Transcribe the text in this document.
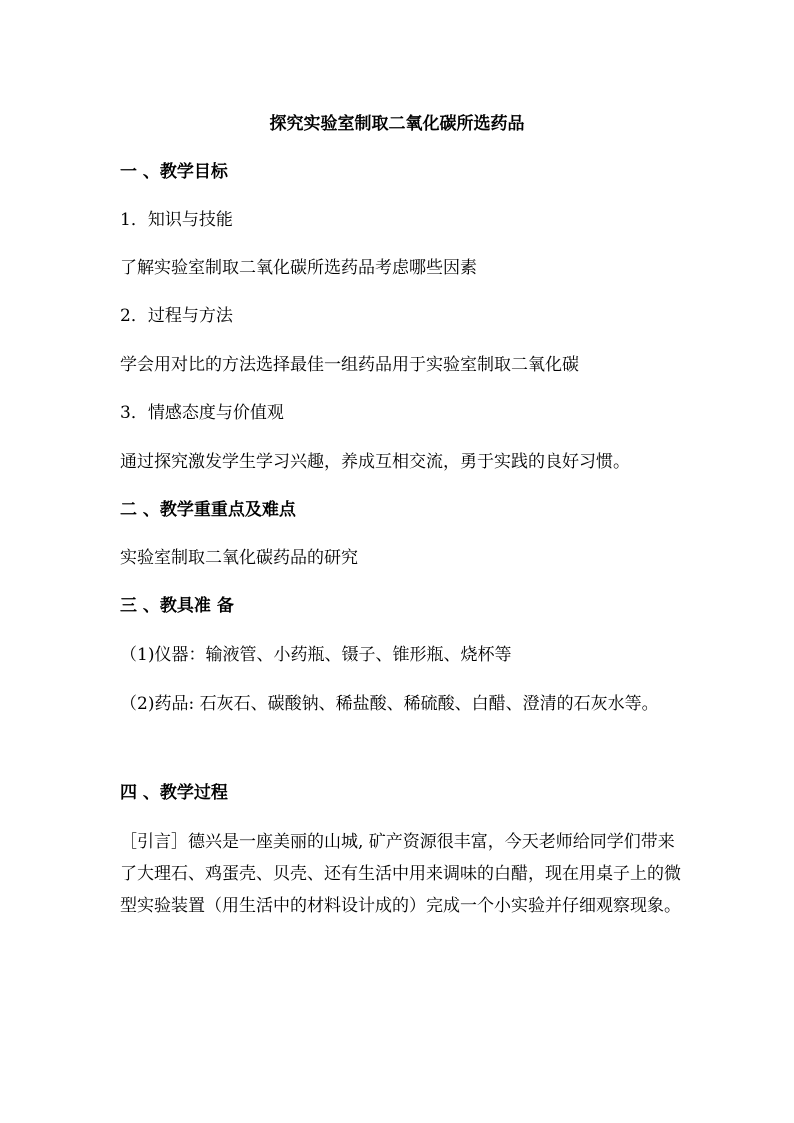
探究实验室制取二氧化碳所选药品
一 、教学目标
1．知识与技能
了解实验室制取二氧化碳所选药品考虑哪些因素
2．过程与方法
学会用对比的方法选择最佳一组药品用于实验室制取二氧化碳
3．情感态度与价值观
通过探究激发学生学习兴趣，养成互相交流，勇于实践的良好习惯。
二 、教学重重点及难点
实验室制取二氧化碳药品的研究
三 、教具准 备
（1)仪器：输液管、小药瓶、镊子、锥形瓶、烧杯等
（2)药品: 石灰石、碳酸钠、稀盐酸、稀硫酸、白醋、澄清的石灰水等。
四 、教学过程
［引言］德兴是一座美丽的山城, 矿产资源很丰富，今天老师给同学们带来了大理石、鸡蛋壳、贝壳、还有生活中用来调味的白醋，现在用桌子上的微型实验装置（用生活中的材料设计成的）完成一个小实验并仔细观察现象。
